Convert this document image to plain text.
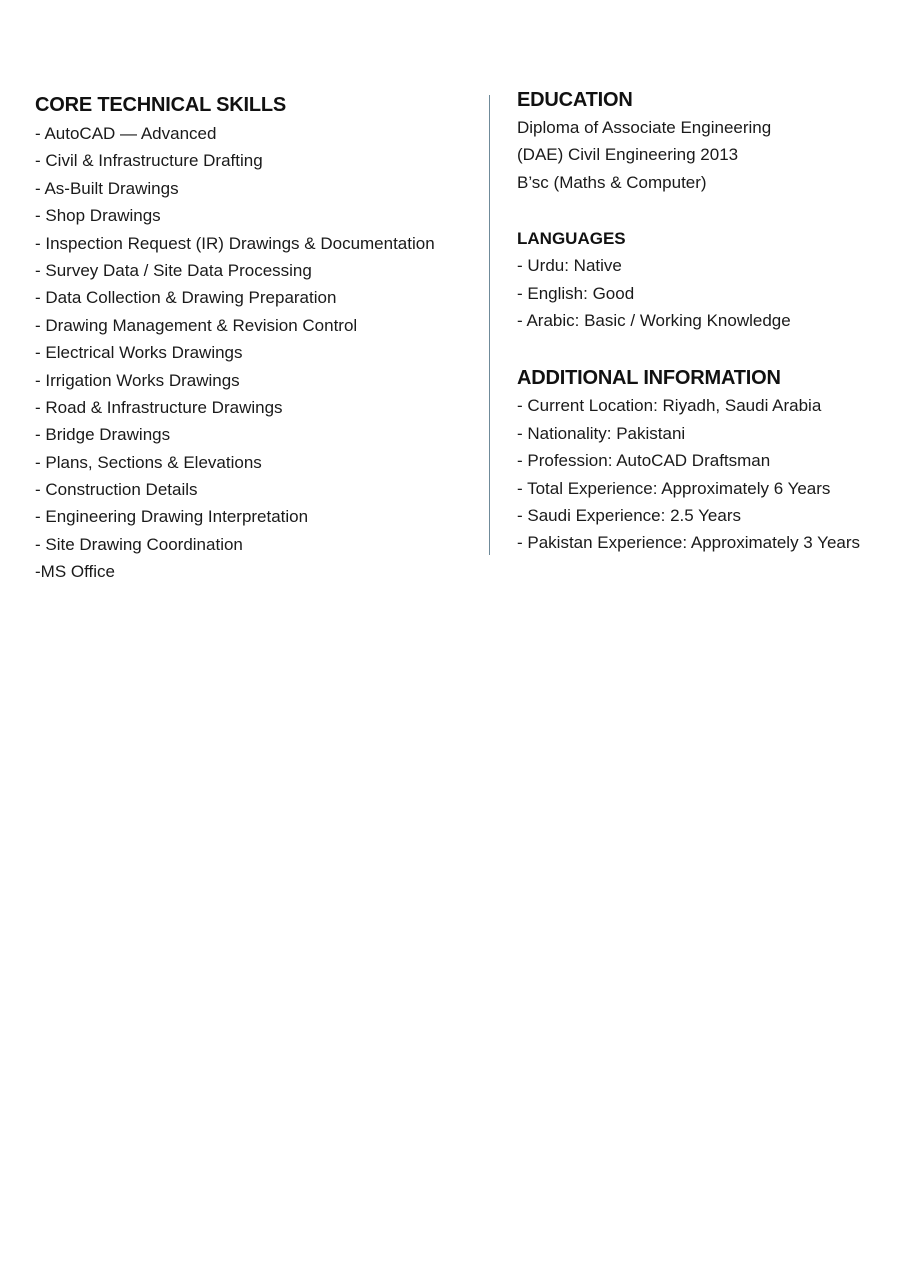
CORE TECHNICAL SKILLS
- AutoCAD — Advanced
- Civil & Infrastructure Drafting
- As-Built Drawings
- Shop Drawings
- Inspection Request (IR) Drawings & Documentation
- Survey Data / Site Data Processing
- Data Collection & Drawing Preparation
- Drawing Management & Revision Control
- Electrical Works Drawings
- Irrigation Works Drawings
- Road & Infrastructure Drawings
- Bridge Drawings
- Plans, Sections & Elevations
- Construction Details
- Engineering Drawing Interpretation
- Site Drawing Coordination
-MS Office
EDUCATION
Diploma of Associate Engineering
(DAE) Civil Engineering 2013
B’sc (Maths & Computer)
LANGUAGES
- Urdu: Native
- English: Good
- Arabic: Basic / Working Knowledge
ADDITIONAL INFORMATION
- Current Location: Riyadh, Saudi Arabia
- Nationality: Pakistani
- Profession: AutoCAD Draftsman
- Total Experience: Approximately 6 Years
- Saudi Experience: 2.5 Years
- Pakistan Experience: Approximately 3 Years
